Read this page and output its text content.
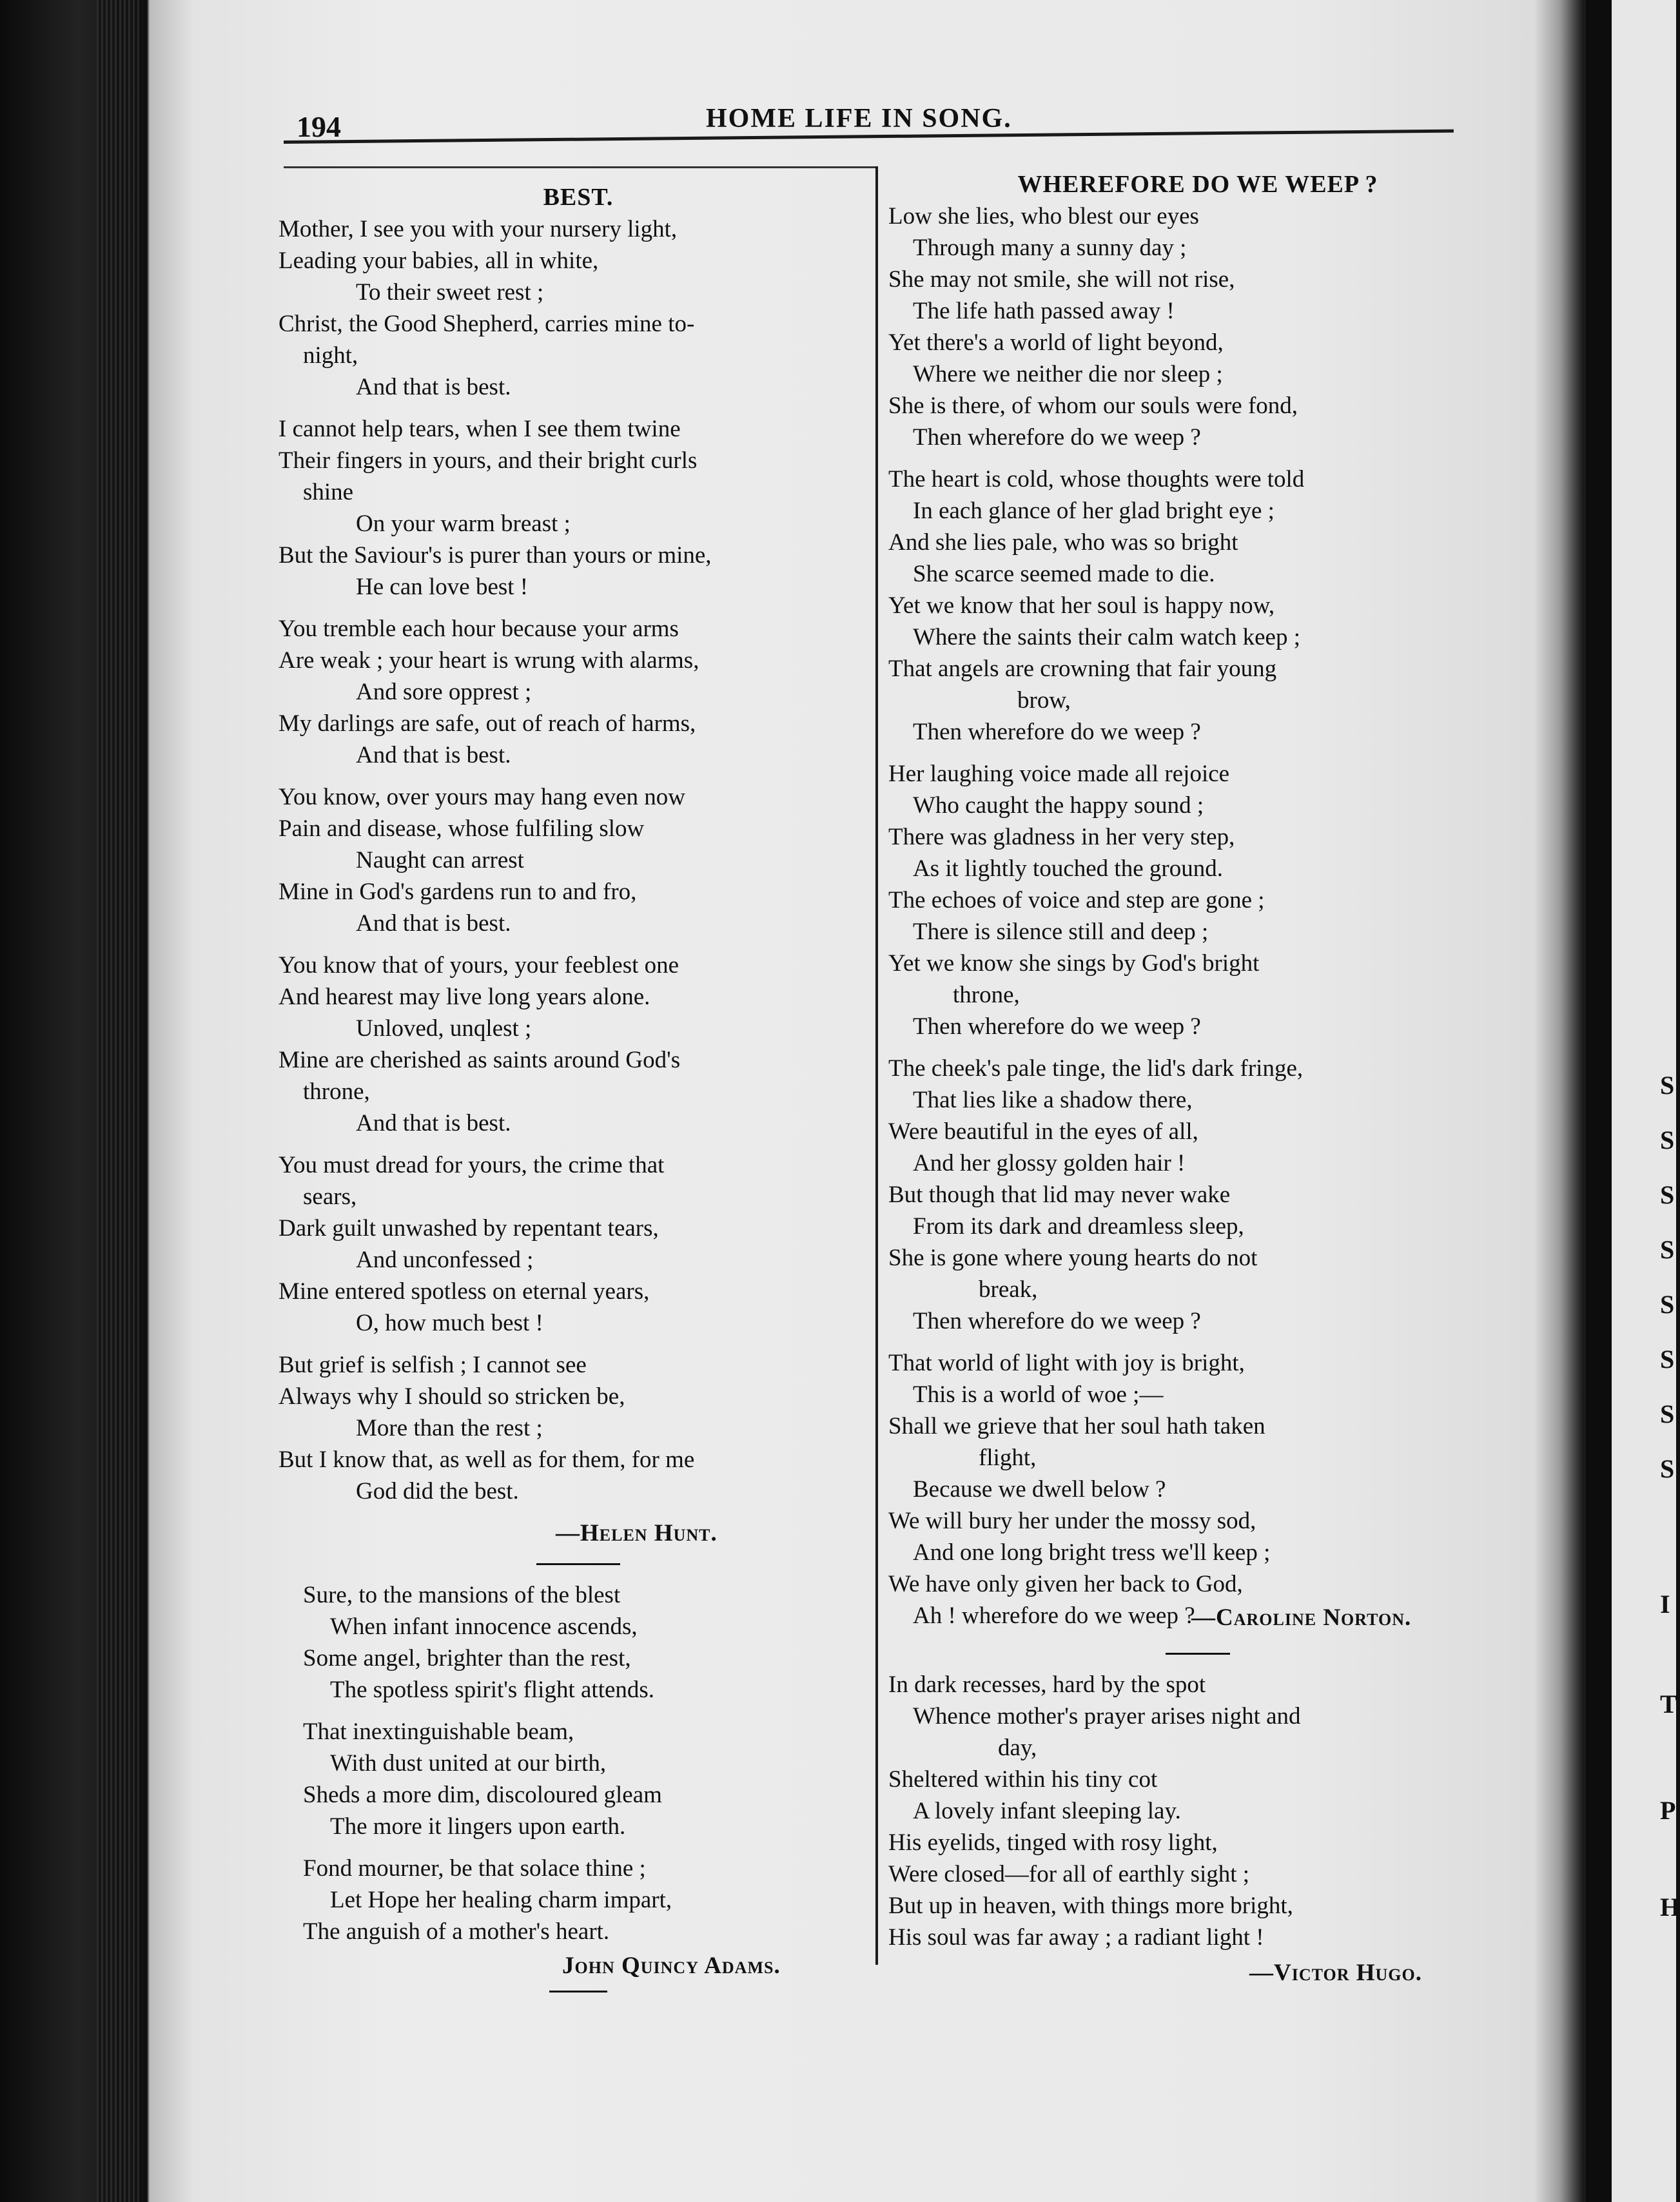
194	HOME LIFE IN SONG.

BEST.

Mother, I see you with your nursery light,

Leading your babies, all in white,

To their sweet rest ;

Christ, the Good Shepherd, carries mine to-

night,

And that is best.

I cannot help tears, when I see them twine

Their fingers in yours, and their bright curls

shine

On your warm breast ;

But the Saviour's is purer than yours or mine,

He can love best !

You tremble each hour because your arms

Are weak ; your heart is wrung with alarms,

And sore opprest ;

My darlings are safe, out of reach of harms,

And that is best.

You know, over yours may hang even now

Pain and disease, whose fulfiling slow

Naught can arrest

Mine in God's gardens run to and fro,

And that is best.

You know that of yours, your feeblest one

And hearest may live long years alone.

Unloved, unqlest ;

Mine are cherished as saints around God's

throne,

And that is best.

You must dread for yours, the crime that

sears,

Dark guilt unwashed by repentant tears,

And unconfessed ;

Mine entered spotless on eternal years,

O, how much best !

But grief is selfish ; I cannot see

Always why I should so stricken be,

More than the rest ;

But I know that, as well as for them, for me

God did the best.

—Helen Hunt.

Sure, to the mansions of the blest

When infant innocence ascends,

Some angel, brighter than the rest,

The spotless spirit's flight attends.

That inextinguishable beam,

With dust united at our birth,

Sheds a more dim, discoloured gleam

The more it lingers upon earth.

Fond mourner, be that solace thine ;

Let Hope her healing charm impart,

The anguish of a mother's heart.

John Quincy Adams.

WHEREFORE DO WE WEEP ?

Low she lies, who blest our eyes

Through many a sunny day ;

She may not smile, she will not rise,

The life hath passed away !

Yet there's a world of light beyond,

Where we neither die nor sleep ;

She is there, of whom our souls were fond,

Then wherefore do we weep ?

The heart is cold, whose thoughts were told

In each glance of her glad bright eye ;

And she lies pale, who was so bright

She scarce seemed made to die.

Yet we know that her soul is happy now,

Where the saints their calm watch keep ;

That angels are crowning that fair young

brow,

Then wherefore do we weep ?

Her laughing voice made all rejoice

Who caught the happy sound ;

There was gladness in her very step,

As it lightly touched the ground.

The echoes of voice and step are gone ;

There is silence still and deep ;

Yet we know she sings by God's bright

throne,

Then wherefore do we weep ?

The cheek's pale tinge, the lid's dark fringe,

That lies like a shadow there,

Were beautiful in the eyes of all,

And her glossy golden hair !

But though that lid may never wake

From its dark and dreamless sleep,

She is gone where young hearts do not

break,

Then wherefore do we weep ?

That world of light with joy is bright,

This is a world of woe ;—

Shall we grieve that her soul hath taken

flight,

Because we dwell below ?

We will bury her under the mossy sod,

And one long bright tress we'll keep ;

We have only given her back to God,

Ah ! wherefore do we weep ?

—Caroline Norton.

In dark recesses, hard by the spot

Whence mother's prayer arises night and

day,

Sheltered within his tiny cot

A lovely infant sleeping lay.

His eyelids, tinged with rosy light,

Were closed—for all of earthly sight ;

But up in heaven, with things more bright,

His soul was far away ; a radiant light !

—Victor Hugo.

S
S
S
S
S
S
S
S
I
T
P
H
